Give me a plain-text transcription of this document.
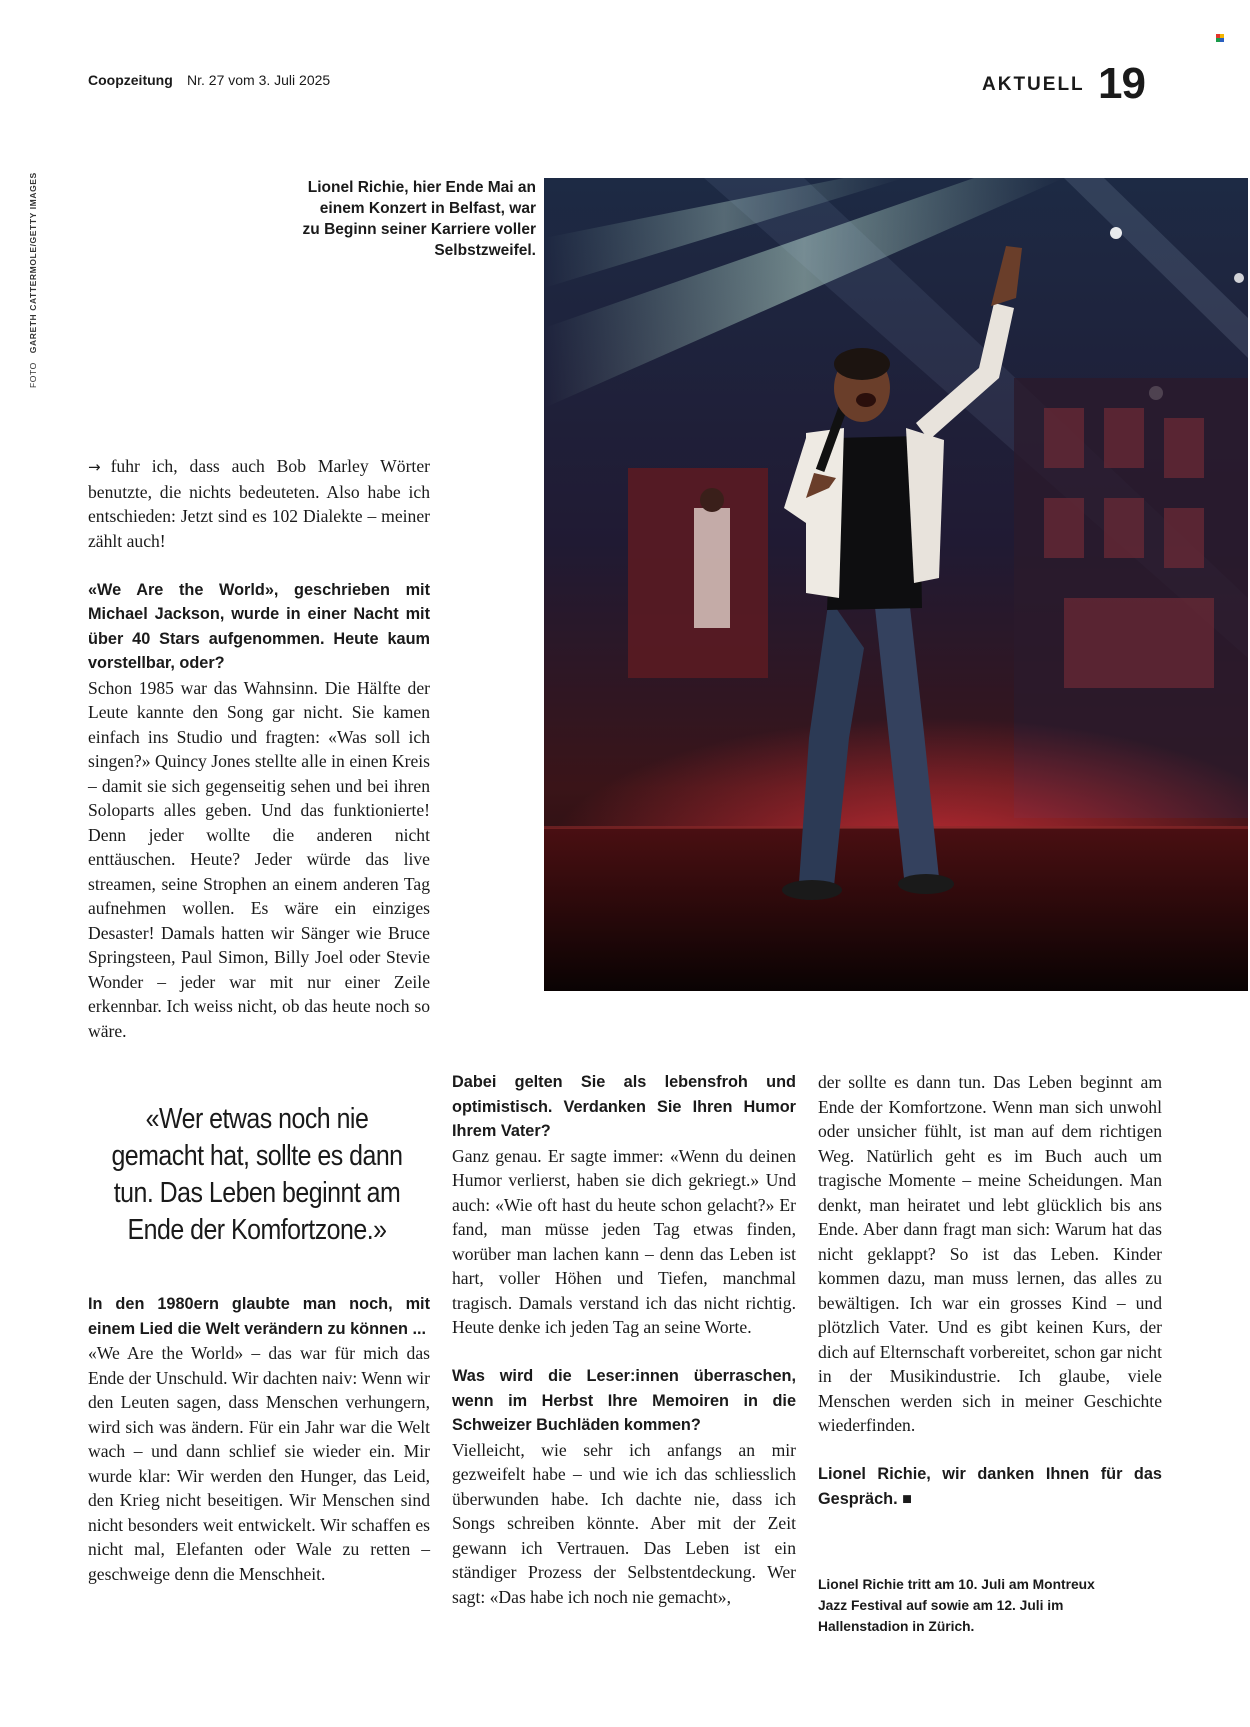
Coopzeitung Nr. 27 vom 3. Juli 2025	AKTUELL 19
FOTO   GARETH CATTERMOLE/GETTY IMAGES	Lionel Richie, hier Ende Mai an einem Konzert in Belfast, war zu Beginn seiner Karriere voller Selbstzweifel.

→ fuhr ich, dass auch Bob Marley Wörter benutzte, die nichts bedeuteten. Also habe ich entschieden: Jetzt sind es 102 Dialekte – meiner zählt auch!

«We Are the World», geschrieben mit Michael Jackson, wurde in einer Nacht mit über 40 Stars aufgenommen. Heute kaum vorstellbar, oder?

Schon 1985 war das Wahnsinn. Die Hälfte der Leute kannte den Song gar nicht. Sie kamen einfach ins Studio und fragten: «Was soll ich singen?» Quincy Jones stellte alle in einen Kreis – damit sie sich gegenseitig sehen und bei ihren Soloparts alles geben. Und das funktionierte! Denn jeder wollte die anderen nicht enttäuschen. Heute? Jeder würde das live streamen, seine Strophen an einem anderen Tag aufnehmen wollen. Es wäre ein einziges Desaster! Damals hatten wir Sänger wie Bruce Springsteen, Paul Simon, Billy Joel oder Stevie Wonder – jeder war mit nur einer Zeile erkennbar. Ich weiss nicht, ob das heute noch so wäre.

«Wer etwas noch nie gemacht hat, sollte es dann tun. Das Leben beginnt am Ende der Komfortzone.»

In den 1980ern glaubte man noch, mit einem Lied die Welt verändern zu können ...

«We Are the World» – das war für mich das Ende der Unschuld. Wir dachten naiv: Wenn wir den Leuten sagen, dass Menschen verhungern, wird sich was ändern. Für ein Jahr war die Welt wach – und dann schlief sie wieder ein. Mir wurde klar: Wir werden den Hunger, das Leid, den Krieg nicht beseitigen. Wir Menschen sind nicht besonders weit entwickelt. Wir schaffen es nicht mal, Elefanten oder Wale zu retten – geschweige denn die Menschheit.

Dabei gelten Sie als lebensfroh und optimistisch. Verdanken Sie Ihren Humor Ihrem Vater?

Ganz genau. Er sagte immer: «Wenn du deinen Humor verlierst, haben sie dich gekriegt.» Und auch: «Wie oft hast du heute schon gelacht?» Er fand, man müsse jeden Tag etwas finden, worüber man lachen kann – denn das Leben ist hart, voller Höhen und Tiefen, manchmal tragisch. Damals verstand ich das nicht richtig. Heute denke ich jeden Tag an seine Worte.

Was wird die Leser:innen überraschen, wenn im Herbst Ihre Memoiren in die Schweizer Buchläden kommen?

Vielleicht, wie sehr ich anfangs an mir gezweifelt habe – und wie ich das schliesslich überwunden habe. Ich dachte nie, dass ich Songs schreiben könnte. Aber mit der Zeit gewann ich Vertrauen. Das Leben ist ein ständiger Prozess der Selbstentdeckung. Wer sagt: «Das habe ich noch nie gemacht»,

der sollte es dann tun. Das Leben beginnt am Ende der Komfortzone. Wenn man sich unwohl oder unsicher fühlt, ist man auf dem richtigen Weg. Natürlich geht es im Buch auch um tragische Momente – meine Scheidungen. Man denkt, man heiratet und lebt glücklich bis ans Ende. Aber dann fragt man sich: Warum hat das nicht geklappt? So ist das Leben. Kinder kommen dazu, man muss lernen, das alles zu bewältigen. Ich war ein grosses Kind – und plötzlich Vater. Und es gibt keinen Kurs, der dich auf Elternschaft vorbereitet, schon gar nicht in der Musikindustrie. Ich glaube, viele Menschen werden sich in meiner Geschichte wiederfinden.

Lionel Richie, wir danken Ihnen für das Gespräch. ■

Lionel Richie tritt am 10. Juli am Montreux Jazz Festival auf sowie am 12. Juli im Hallenstadion in Zürich.
